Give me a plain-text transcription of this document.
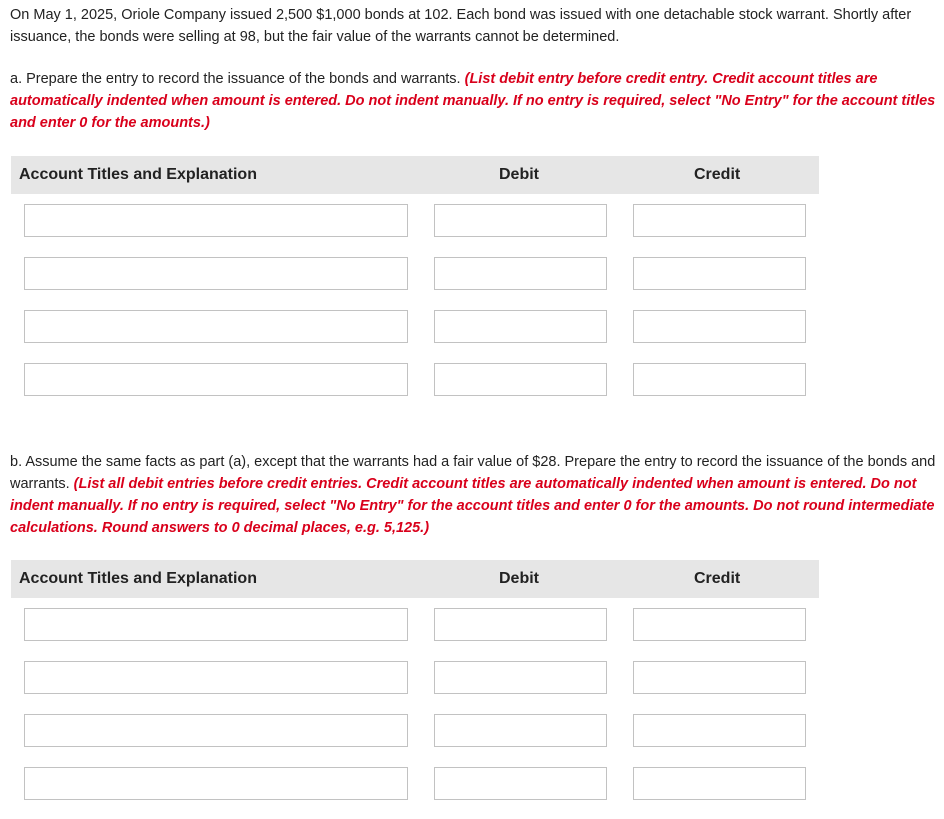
On May 1, 2025, Oriole Company issued 2,500 $1,000 bonds at 102. Each bond was issued with one detachable stock warrant. Shortly after issuance, the bonds were selling at 98, but the fair value of the warrants cannot be determined.

a. Prepare the entry to record the issuance of the bonds and warrants. (List debit entry before credit entry. Credit account titles are automatically indented when amount is entered. Do not indent manually. If no entry is required, select "No Entry" for the account titles and enter 0 for the amounts.)

Account Titles and Explanation	Debit	Credit

b. Assume the same facts as part (a), except that the warrants had a fair value of $28. Prepare the entry to record the issuance of the bonds and warrants. (List all debit entries before credit entries. Credit account titles are automatically indented when amount is entered. Do not indent manually. If no entry is required, select "No Entry" for the account titles and enter 0 for the amounts. Do not round intermediate calculations. Round answers to 0 decimal places, e.g. 5,125.)

Account Titles and Explanation	Debit	Credit
